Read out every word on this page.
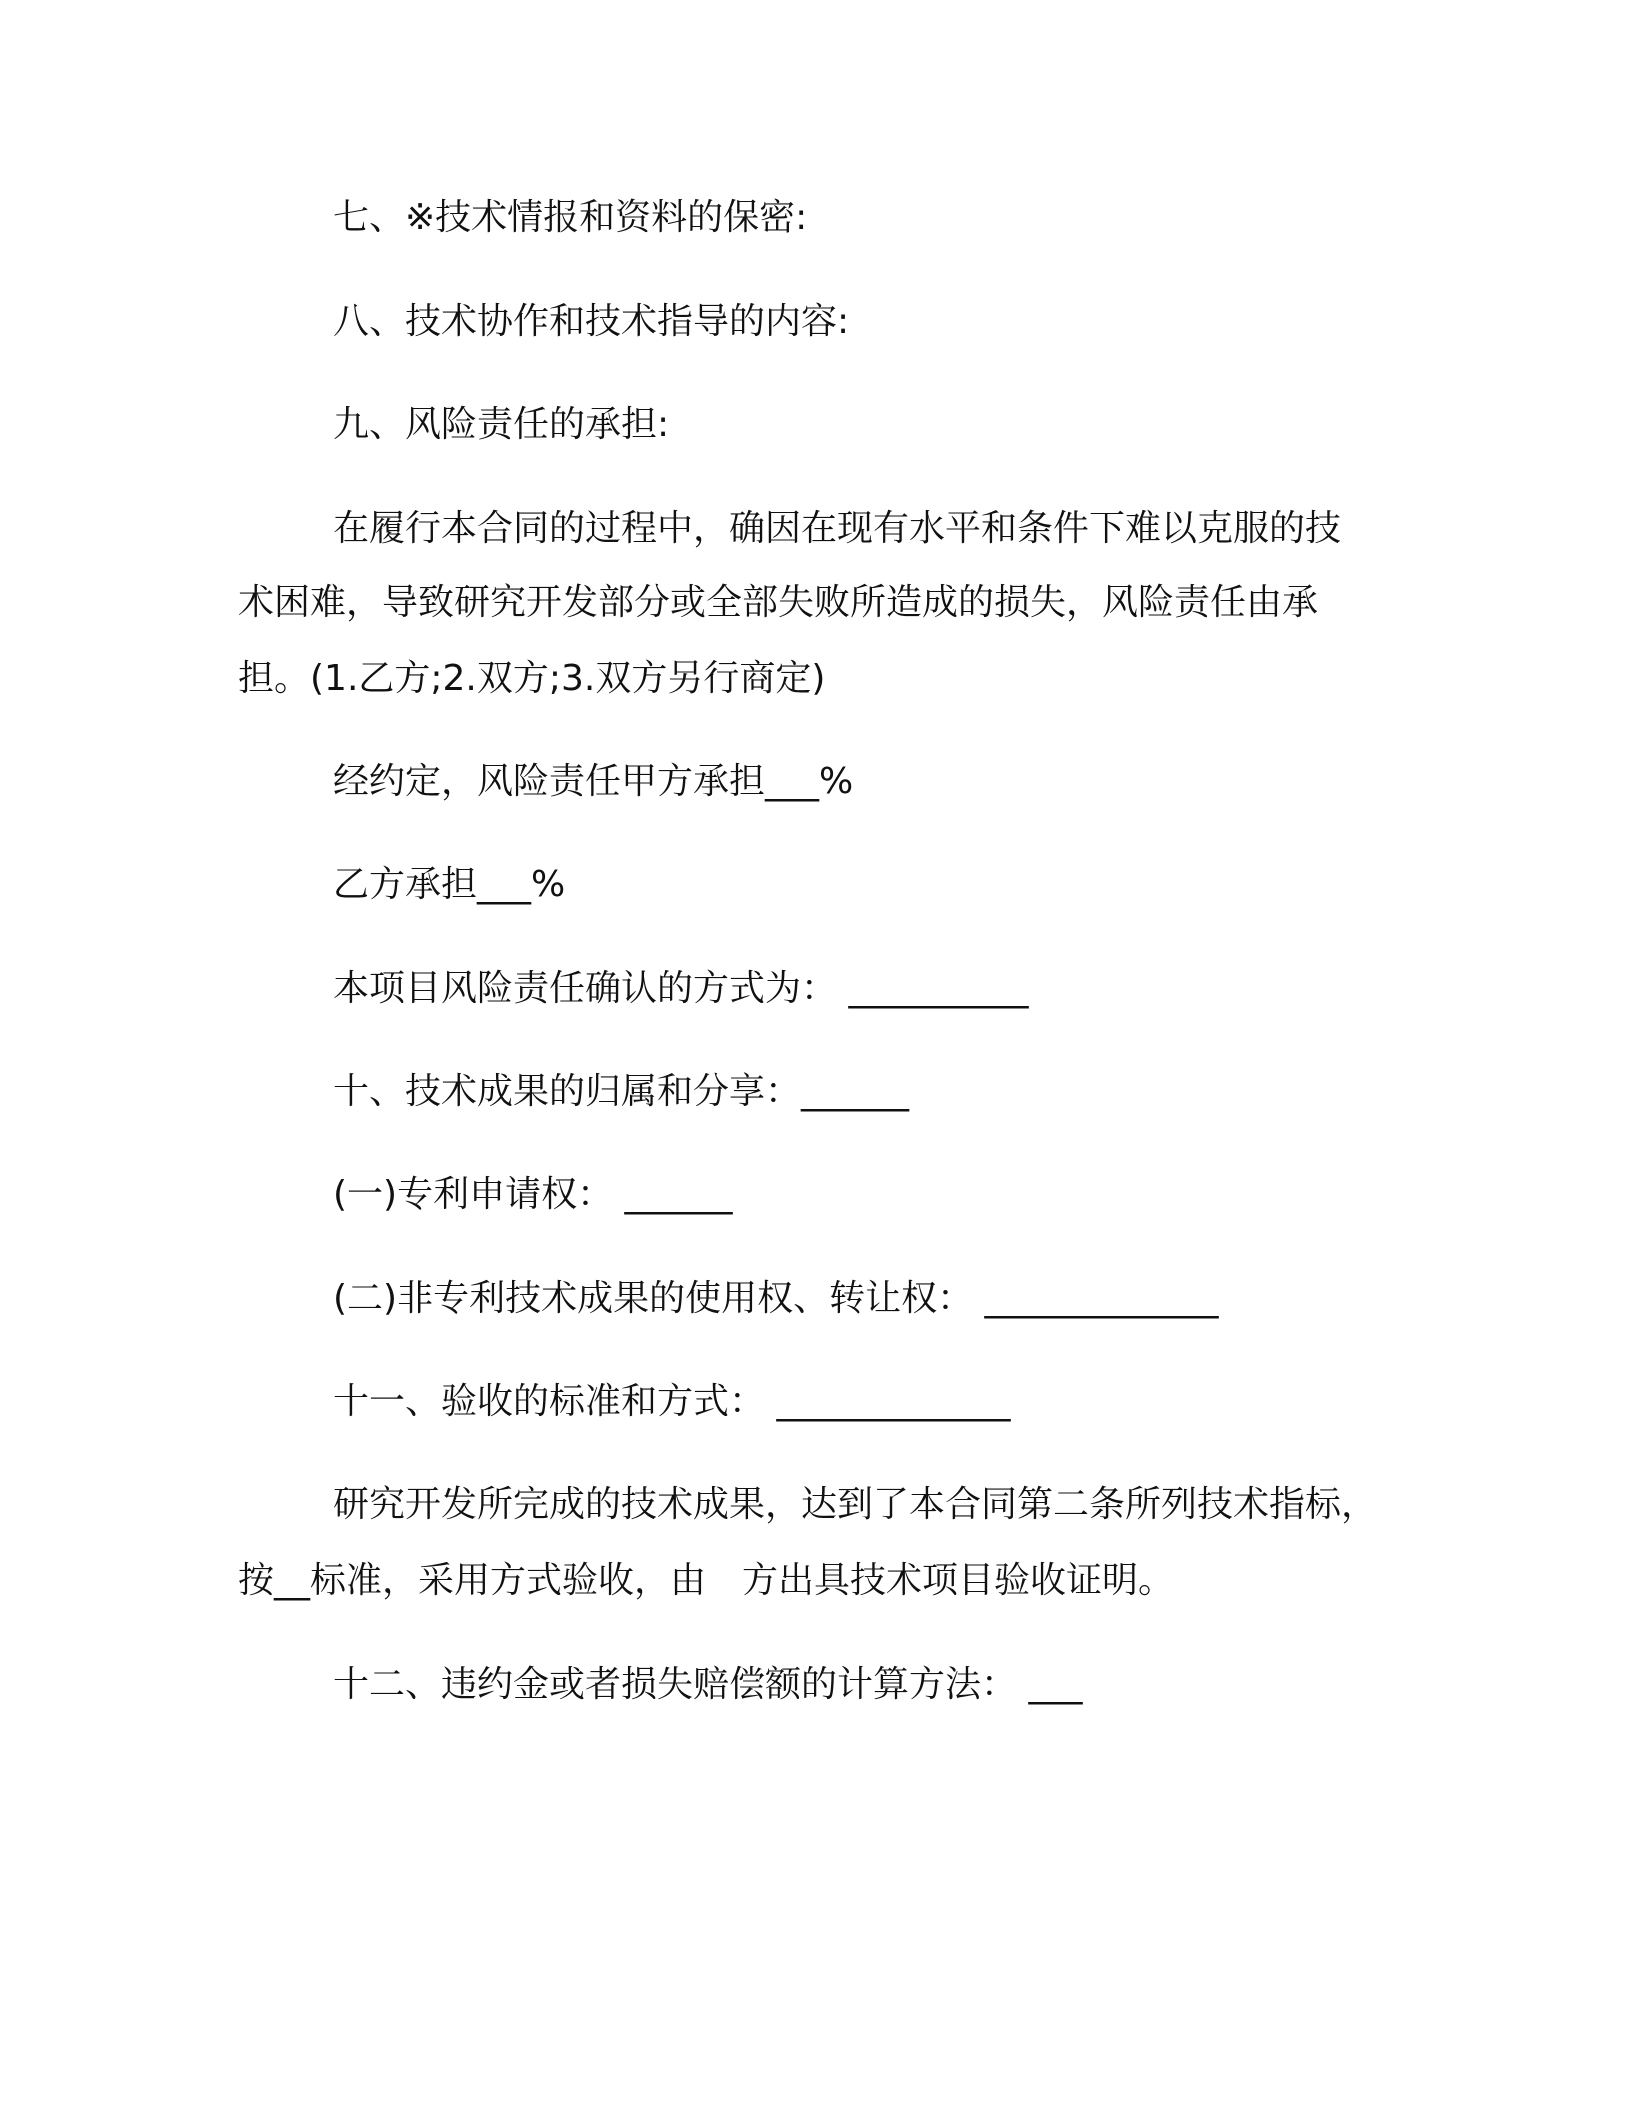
七、※技术情报和资料的保密:
八、技术协作和技术指导的内容:
九、风险责任的承担:
在履行本合同的过程中，确因在现有水平和条件下难以克服的技
术困难，导致研究开发部分或全部失败所造成的损失，风险责任由承
担。(1.乙方;2.双方;3.双方另行商定)
经约定，风险责任甲方承担___%
乙方承担___%
本项目风险责任确认的方式为： __________
十、技术成果的归属和分享：______
(一)专利申请权： ______
(二)非专利技术成果的使用权、转让权： _____________
十一、验收的标准和方式： _____________
研究开发所完成的技术成果，达到了本合同第二条所列技术指标，
按__标准，采用方式验收，由　方出具技术项目验收证明。
十二、违约金或者损失赔偿额的计算方法： ___
